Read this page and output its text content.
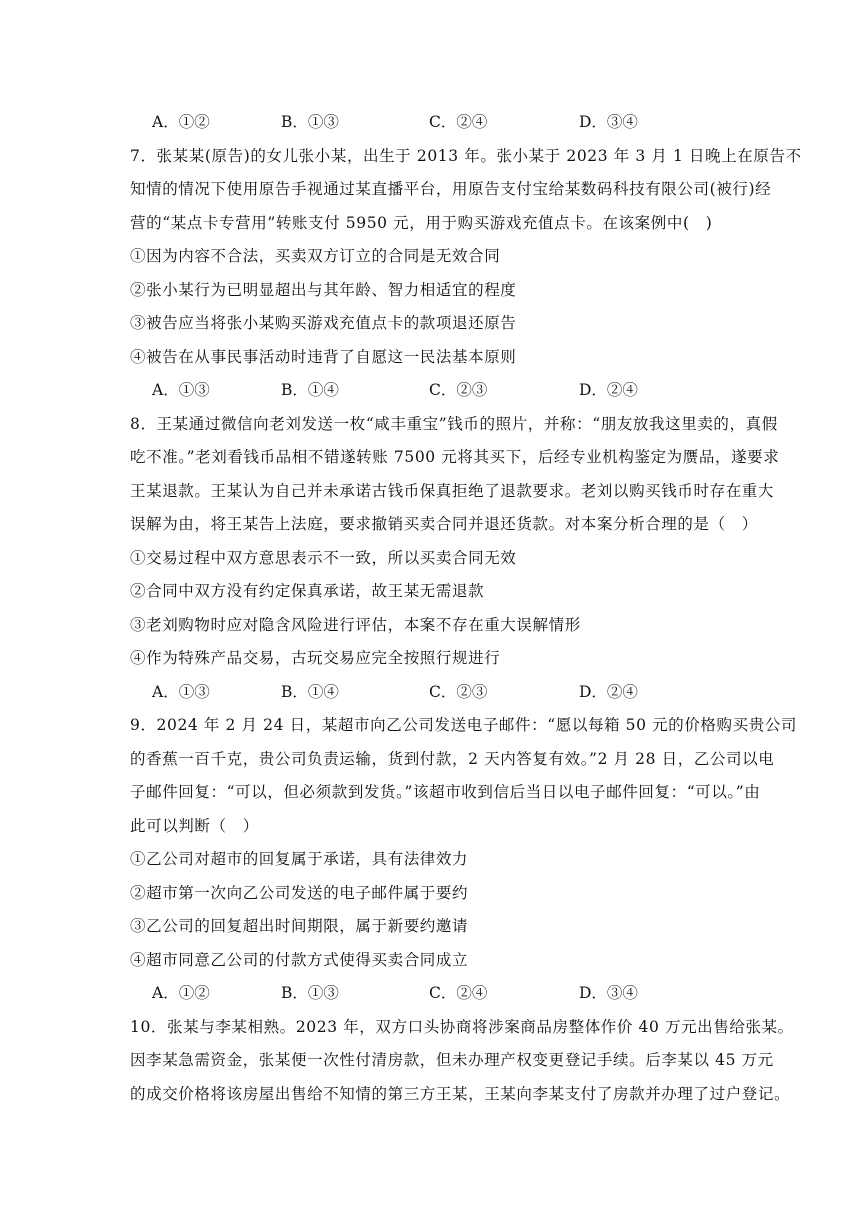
A．①②	B．①③	C．②④	D．③④
7．张某某(原告)的女儿张小某，出生于 2013 年。张小某于 2023 年 3 月 1 日晚上在原告不
知情的情况下使用原告手视通过某直播平台，用原告支付宝给某数码科技有限公司(被行)经
营的“某点卡专营用”转账支付 5950 元，用于购买游戏充值点卡。在该案例中(　)
①因为内容不合法，买卖双方订立的合同是无效合同
②张小某行为已明显超出与其年龄、智力相适宜的程度
③被告应当将张小某购买游戏充值点卡的款项退还原告
④被告在从事民事活动时违背了自愿这一民法基本原则
A．①③	B．①④	C．②③	D．②④
8．王某通过微信向老刘发送一枚“咸丰重宝”钱币的照片，并称：“朋友放我这里卖的，真假
吃不准。”老刘看钱币品相不错遂转账 7500 元将其买下，后经专业机构鉴定为赝品，遂要求
王某退款。王某认为自己并未承诺古钱币保真拒绝了退款要求。老刘以购买钱币时存在重大
误解为由，将王某告上法庭，要求撤销买卖合同并退还货款。对本案分析合理的是（　）
①交易过程中双方意思表示不一致，所以买卖合同无效
②合同中双方没有约定保真承诺，故王某无需退款
③老刘购物时应对隐含风险进行评估，本案不存在重大误解情形
④作为特殊产品交易，古玩交易应完全按照行规进行
A．①③	B．①④	C．②③	D．②④
9．2024 年 2 月 24 日，某超市向乙公司发送电子邮件：“愿以每箱 50 元的价格购买贵公司
的香蕉一百千克，贵公司负责运输，货到付款，2 天内答复有效。”2 月 28 日，乙公司以电
子邮件回复：“可以，但必须款到发货。”该超市收到信后当日以电子邮件回复：“可以。”由
此可以判断（　）
①乙公司对超市的回复属于承诺，具有法律效力
②超市第一次向乙公司发送的电子邮件属于要约
③乙公司的回复超出时间期限，属于新要约邀请
④超市同意乙公司的付款方式使得买卖合同成立
A．①②	B．①③	C．②④	D．③④
10．张某与李某相熟。2023 年，双方口头协商将涉案商品房整体作价 40 万元出售给张某。
因李某急需资金，张某便一次性付清房款，但未办理产权变更登记手续。后李某以 45 万元
的成交价格将该房屋出售给不知情的第三方王某，王某向李某支付了房款并办理了过户登记。
